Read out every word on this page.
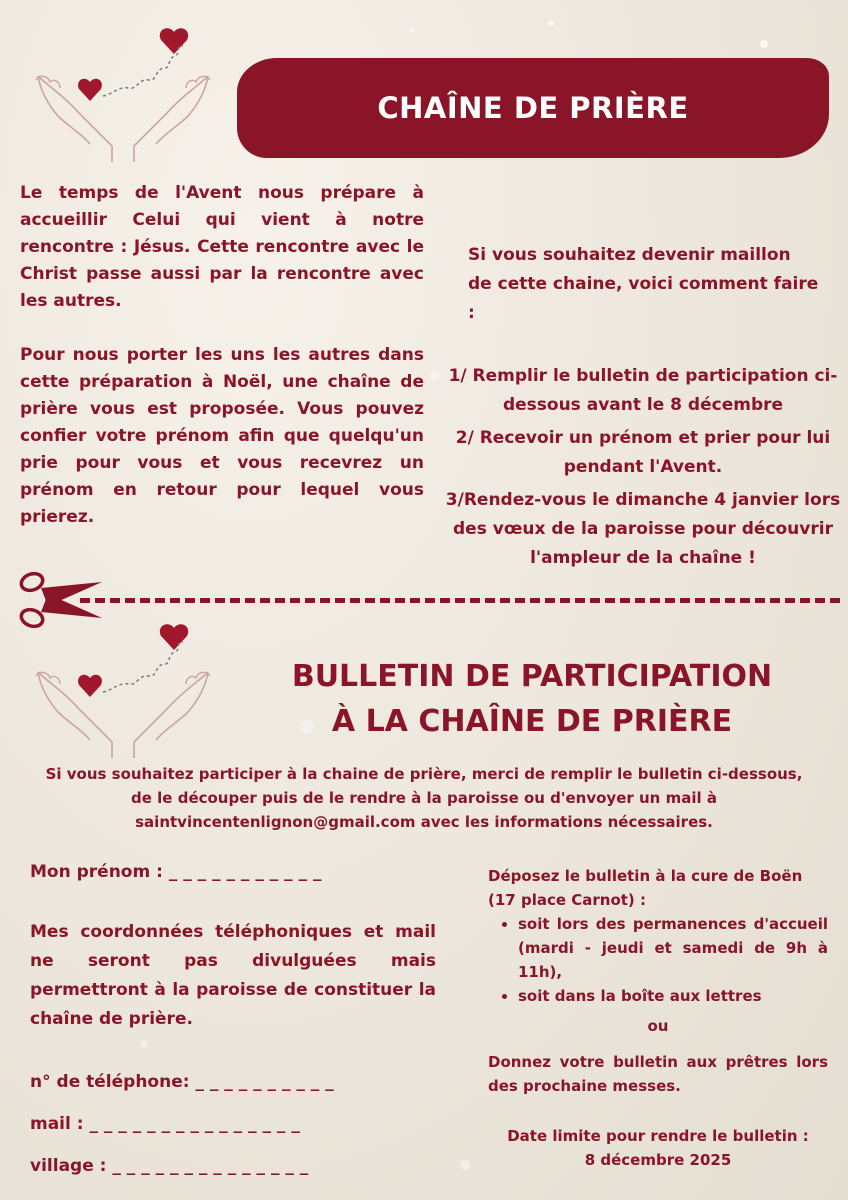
CHAÎNE DE PRIÈRE

Le temps de l'Avent nous prépare à accueillir Celui qui vient à notre rencontre : Jésus. Cette rencontre avec le Christ passe aussi par la rencontre avec les autres.

Pour nous porter les uns les autres dans cette préparation à Noël, une chaîne de prière vous est proposée. Vous pouvez confier votre prénom afin que quelqu'un prie pour vous et vous recevrez un prénom en retour pour lequel vous prierez.

Si vous souhaitez devenir maillon de cette chaine, voici comment faire :
1/ Remplir le bulletin de participation ci-dessous avant le 8 décembre
2/ Recevoir un prénom et prier pour lui pendant l'Avent.
3/Rendez-vous le dimanche 4 janvier lors des vœux de la paroisse pour découvrir l'ampleur de la chaîne !
BULLETIN DE PARTICIPATION
À LA CHAÎNE DE PRIÈRE
Si vous souhaitez participer à la chaine de prière, merci de remplir le bulletin ci-dessous,
de le découper puis de le rendre à la paroisse ou d'envoyer un mail à
saintvincentenlignon@gmail.com avec les informations nécessaires.
Mon prénom : _ _ _ _ _ _ _ _ _ _ _
Mes coordonnées téléphoniques et mail ne seront pas divulguées mais permettront à la paroisse de constituer la chaîne de prière.
n° de téléphone: _ _ _ _ _ _ _ _ _ _
mail : _ _ _ _ _ _ _ _ _ _ _ _ _ _ _
village : _ _ _ _ _ _ _ _ _ _ _ _ _ _
Déposez le bulletin à la cure de Boën (17 place Carnot) :
• soit lors des permanences d'accueil (mardi - jeudi et samedi de 9h à 11h),
• soit dans la boîte aux lettres
ou
Donnez votre bulletin aux prêtres lors des prochaine messes.
Date limite pour rendre le bulletin :
8 décembre 2025
